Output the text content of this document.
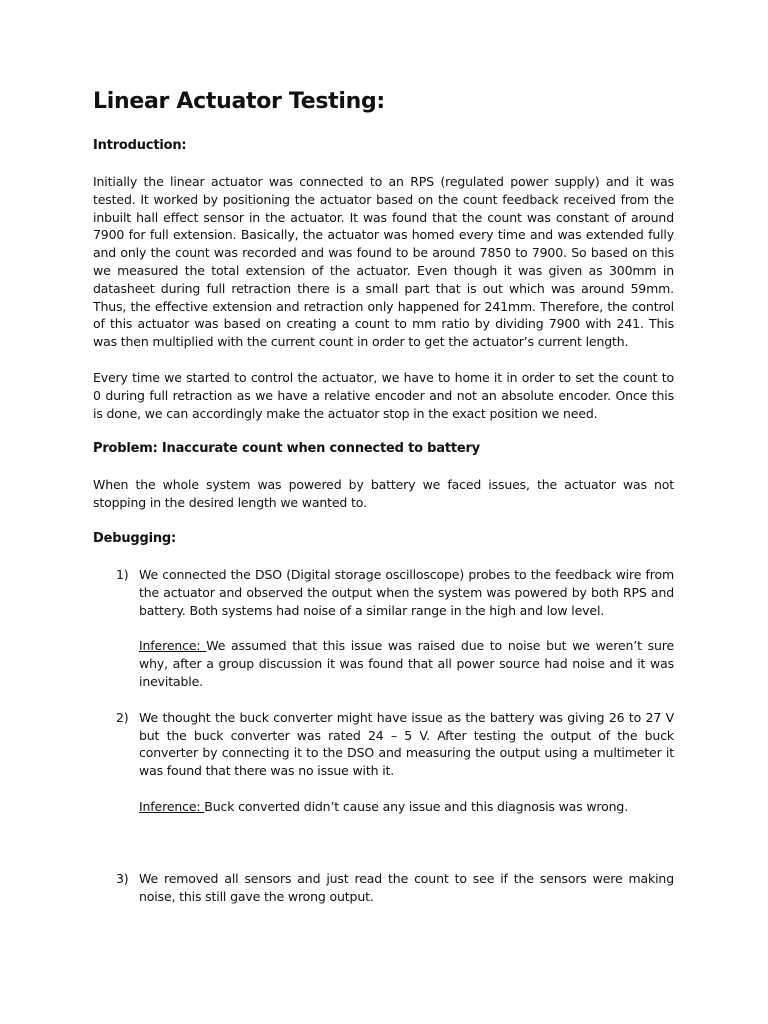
Linear Actuator Testing:
Introduction:

Initially the linear actuator was connected to an RPS (regulated power supply) and it was tested. It worked by positioning the actuator based on the count feedback received from the inbuilt hall effect sensor in the actuator. It was found that the count was constant of around 7900 for full extension. Basically, the actuator was homed every time and was extended fully and only the count was recorded and was found to be around 7850 to 7900. So based on this we measured the total extension of the actuator. Even though it was given as 300mm in datasheet during full retraction there is a small part that is out which was around 59mm. Thus, the effective extension and retraction only happened for 241mm. Therefore, the control of this actuator was based on creating a count to mm ratio by dividing 7900 with 241. This was then multiplied with the current count in order to get the actuator’s current length.

Every time we started to control the actuator, we have to home it in order to set the count to 0 during full retraction as we have a relative encoder and not an absolute encoder. Once this is done, we can accordingly make the actuator stop in the exact position we need.

Problem: Inaccurate count when connected to battery

When the whole system was powered by battery we faced issues, the actuator was not stopping in the desired length we wanted to.

Debugging:
1) We connected the DSO (Digital storage oscilloscope) probes to the feedback wire from the actuator and observed the output when the system was powered by both RPS and battery. Both systems had noise of a similar range in the high and low level.

Inference: We assumed that this issue was raised due to noise but we weren’t sure why, after a group discussion it was found that all power source had noise and it was inevitable.

2) We thought the buck converter might have issue as the battery was giving 26 to 27 V but the buck converter was rated 24 – 5 V. After testing the output of the buck converter by connecting it to the DSO and measuring the output using a multimeter it was found that there was no issue with it.

Inference: Buck converted didn’t cause any issue and this diagnosis was wrong.

3) We removed all sensors and just read the count to see if the sensors were making noise, this still gave the wrong output.
